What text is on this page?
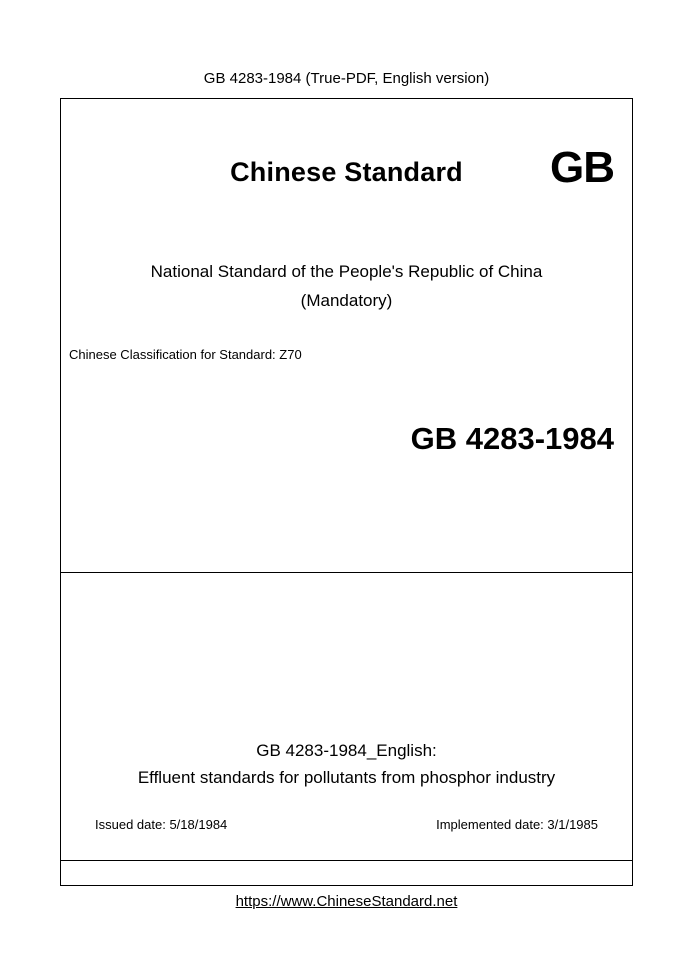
GB 4283-1984 (True-PDF, English version)
Chinese Standard	GB
National Standard of the People's Republic of China
(Mandatory)
Chinese Classification for Standard: Z70
GB 4283-1984
GB 4283-1984_English:
Effluent standards for pollutants from phosphor industry
Issued date: 5/18/1984	Implemented date: 3/1/1985
https://www.ChineseStandard.net
